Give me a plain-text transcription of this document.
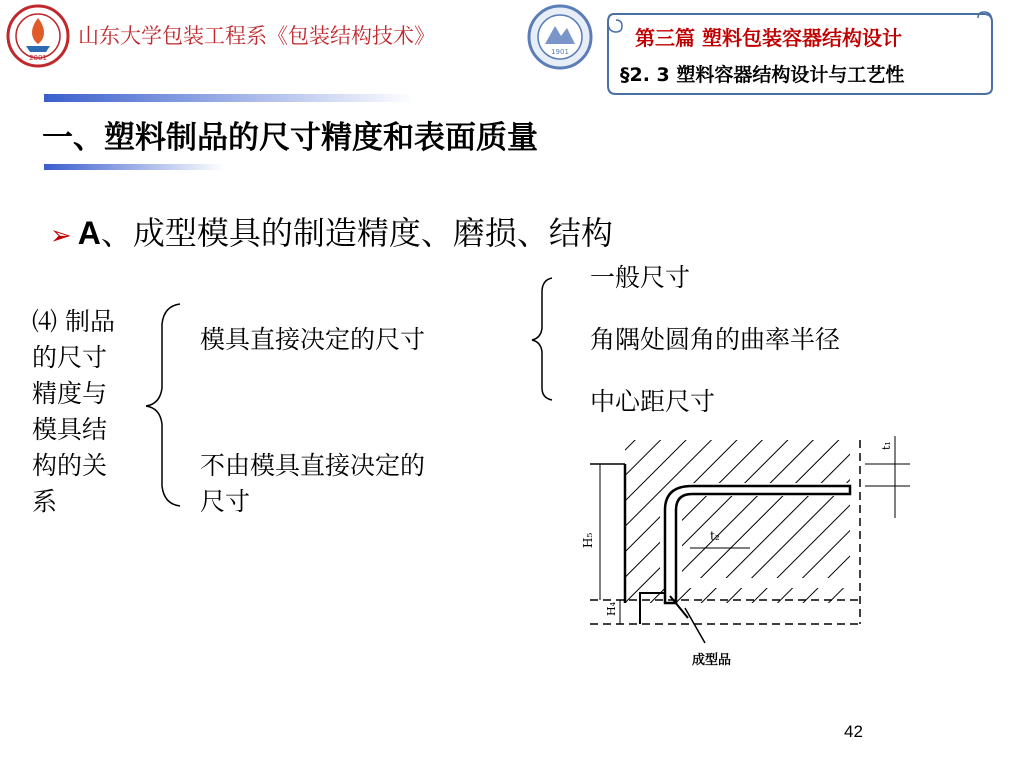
2001
山东大学包装工程系《包装结构技术》
1901
第三篇 塑料包装容器结构设计
§2. 3 塑料容器结构设计与工艺性
一、塑料制品的尺寸精度和表面质量
➢ A、成型模具的制造精度、磨损、结构
⑷ 制品
的尺寸
精度与
模具结
构的关
系
模具直接决定的尺寸
不由模具直接决定的
尺寸
一般尺寸
角隅处圆角的曲率半径
中心距尺寸
t₁
t₂
H₅
H₄
成型品
42
